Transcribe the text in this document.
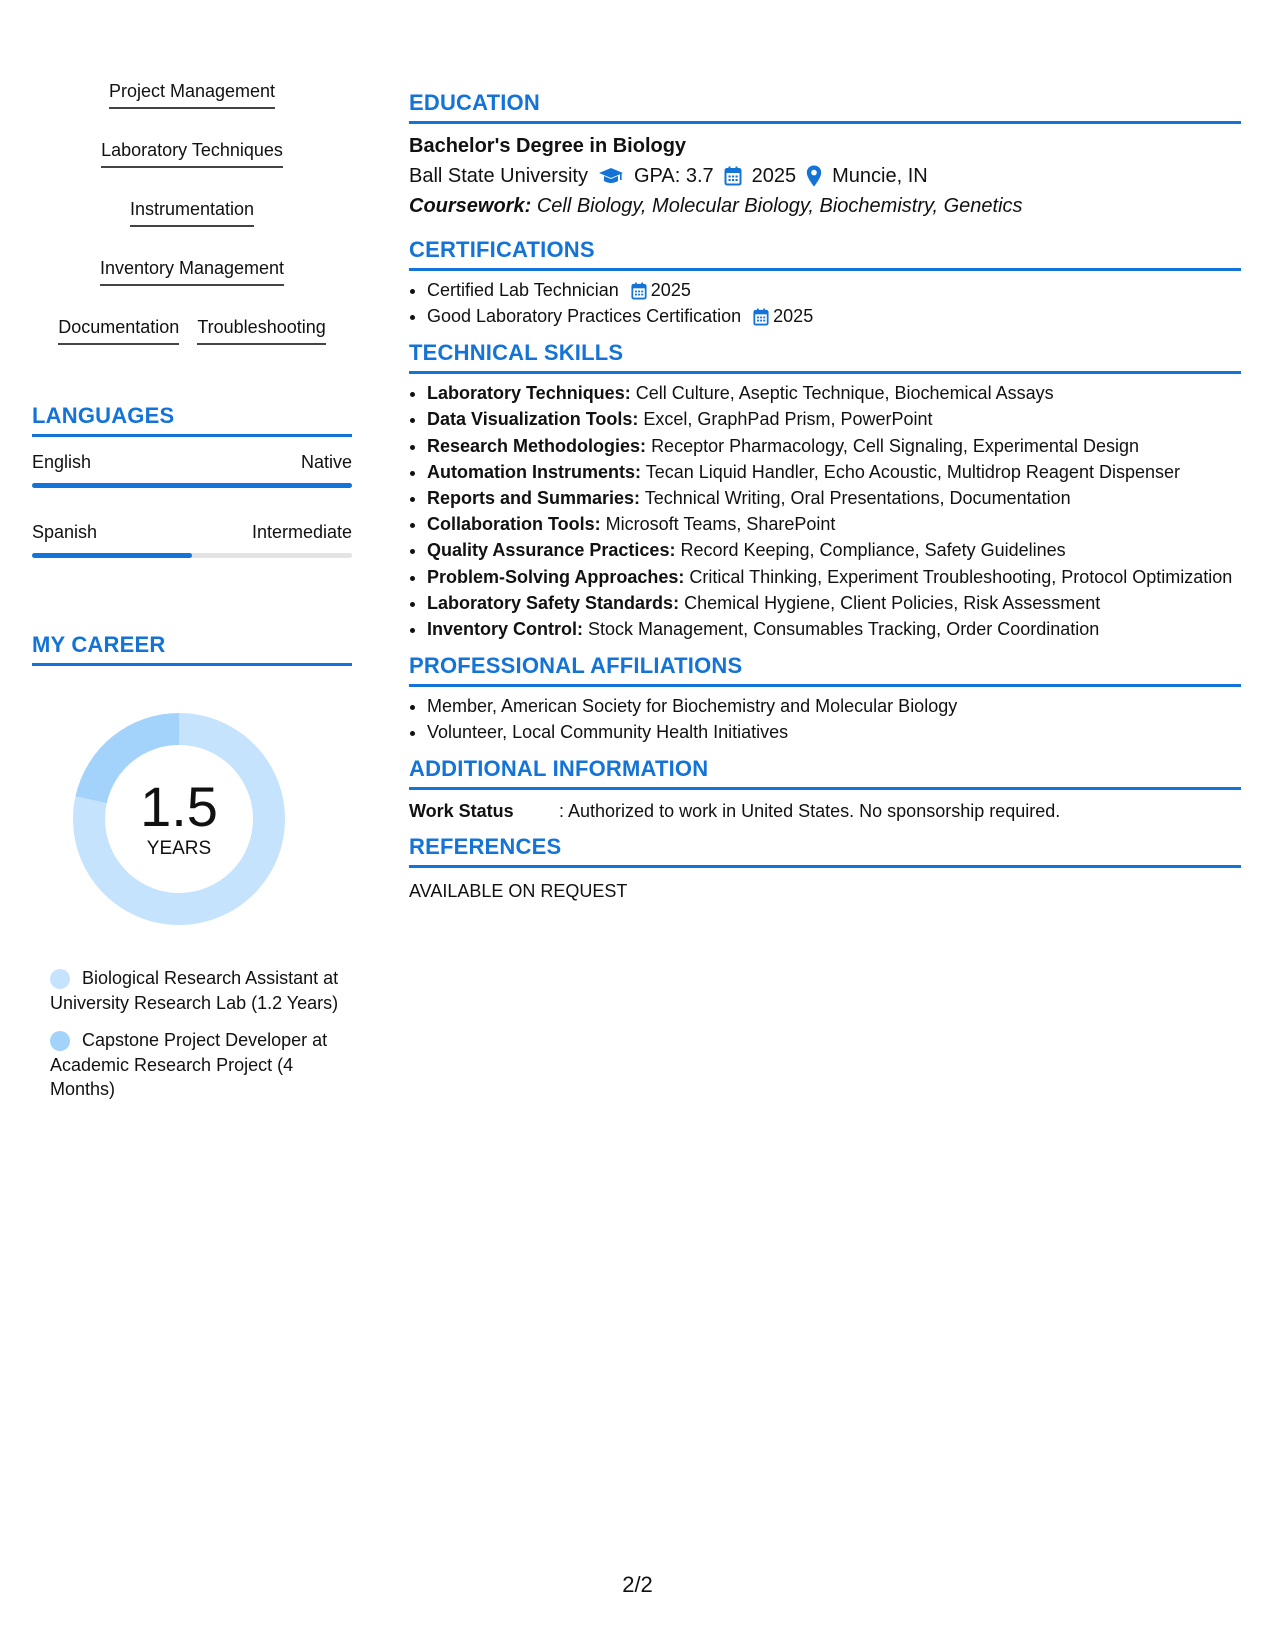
Project Management
Laboratory Techniques
Instrumentation
Inventory Management
Documentation Troubleshooting
LANGUAGES
English	Native
Spanish	Intermediate
MY CAREER
1.5
YEARS
Biological Research Assistant at University Research Lab (1.2 Years)
Capstone Project Developer at Academic Research Project (4 Months)
EDUCATION
Bachelor's Degree in Biology
Ball State University GPA: 3.7 2025 Muncie, IN
Coursework: Cell Biology, Molecular Biology, Biochemistry, Genetics
CERTIFICATIONS
• Certified Lab Technician 2025
• Good Laboratory Practices Certification 2025
TECHNICAL SKILLS
• Laboratory Techniques: Cell Culture, Aseptic Technique, Biochemical Assays
• Data Visualization Tools: Excel, GraphPad Prism, PowerPoint
• Research Methodologies: Receptor Pharmacology, Cell Signaling, Experimental Design
• Automation Instruments: Tecan Liquid Handler, Echo Acoustic, Multidrop Reagent Dispenser
• Reports and Summaries: Technical Writing, Oral Presentations, Documentation
• Collaboration Tools: Microsoft Teams, SharePoint
• Quality Assurance Practices: Record Keeping, Compliance, Safety Guidelines
• Problem-Solving Approaches: Critical Thinking, Experiment Troubleshooting, Protocol Optimization
• Laboratory Safety Standards: Chemical Hygiene, Client Policies, Risk Assessment
• Inventory Control: Stock Management, Consumables Tracking, Order Coordination
PROFESSIONAL AFFILIATIONS
• Member, American Society for Biochemistry and Molecular Biology
• Volunteer, Local Community Health Initiatives
ADDITIONAL INFORMATION
Work Status	: Authorized to work in United States. No sponsorship required.
REFERENCES
AVAILABLE ON REQUEST
2/2
